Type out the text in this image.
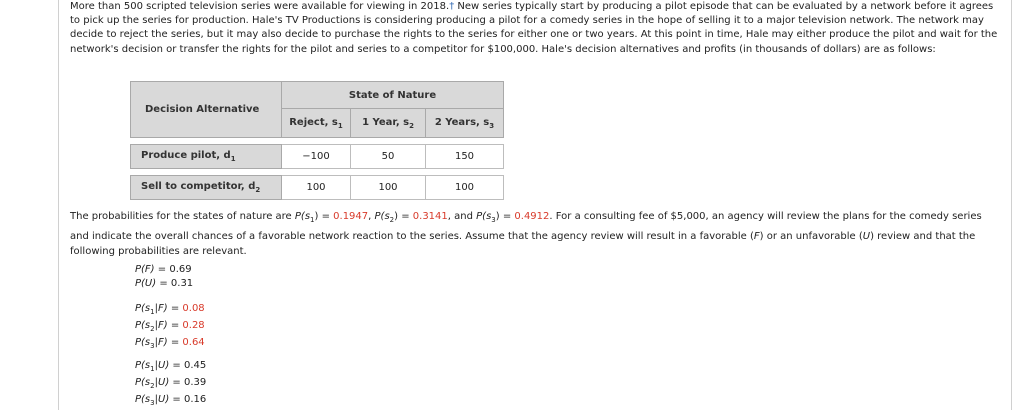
More than 500 scripted television series were available for viewing in 2018.† New series typically start by producing a pilot episode that can be evaluated by a network before it agrees to pick up the series for production. Hale's TV Productions is considering producing a pilot for a comedy series in the hope of selling it to a major television network. The network may decide to reject the series, but it may also decide to purchase the rights to the series for either one or two years. At this point in time, Hale may either produce the pilot and wait for the network's decision or transfer the rights for the pilot and series to a competitor for $100,000. Hale's decision alternatives and profits (in thousands of dollars) are as follows:

Decision Alternative	State of Nature		
	Reject, $s_1$	1 Year, $s_2$	2 Years, $s_3$

Produce pilot, $d_1$	−100	50	150

Sell to competitor, $d_2$	100	100	100

The probabilities for the states of nature are $P(s_1) = 0.1947$, $P(s_2) = 0.3141$, and $P(s_3) = 0.4912$. For a consulting fee of $5,000, an agency will review the plans for the comedy series and indicate the overall chances of a favorable network reaction to the series. Assume that the agency review will result in a favorable (F) or an unfavorable (U) review and that the following probabilities are relevant.

P(F) = 0.69
P(U) = 0.31
$P(s_1|F) = 0.08$
$P(s_2|F) = 0.28$
$P(s_3|F) = 0.64$
$P(s_1|U) = 0.45$
$P(s_2|U) = 0.39$
$P(s_3|U) = 0.16$
